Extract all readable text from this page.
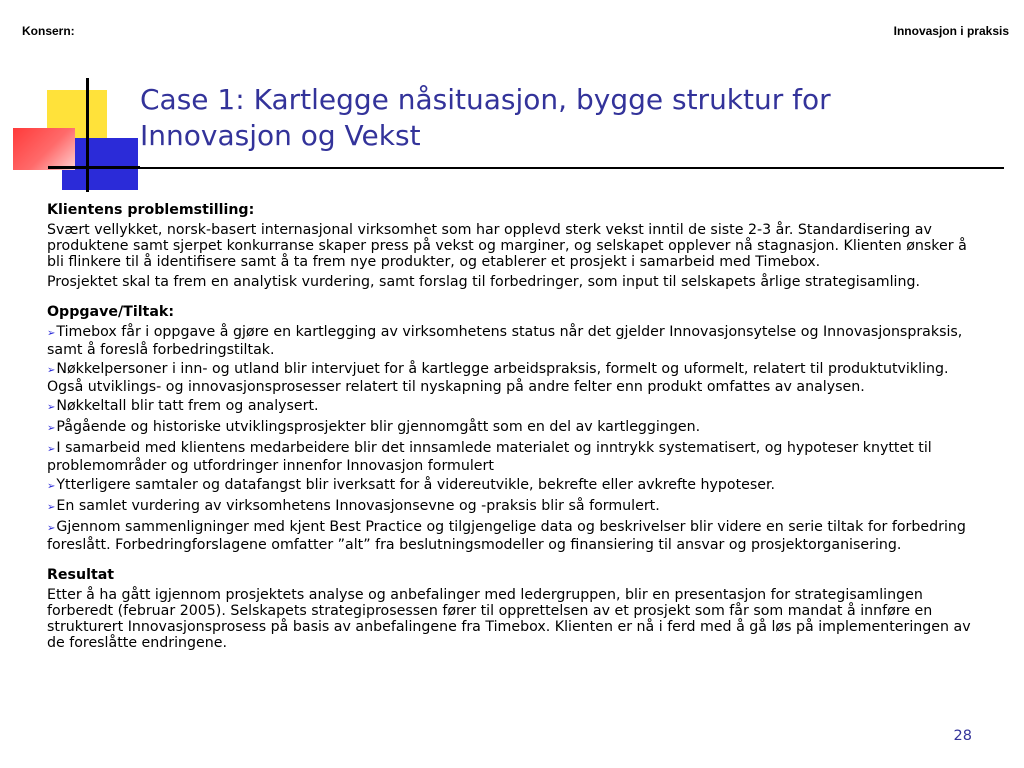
Konsern:	Innovasjon i praksis
Case 1: Kartlegge nåsituasjon, bygge struktur for
Innovasjon og Vekst
Klientens problemstilling:

Svært vellykket, norsk-basert internasjonal virksomhet som har opplevd sterk vekst inntil de siste 2-3 år. Standardisering av produktene samt sjerpet konkurranse skaper press på vekst og marginer, og selskapet opplever nå stagnasjon. Klienten ønsker å bli flinkere til å identifisere samt å ta frem nye produkter, og etablerer et prosjekt i samarbeid med Timebox.

Prosjektet skal ta frem en analytisk vurdering, samt forslag til forbedringer, som input til selskapets årlige strategisamling.

Oppgave/Tiltak:
➢Timebox får i oppgave å gjøre en kartlegging av virksomhetens status når det gjelder Innovasjonsytelse og Innovasjonspraksis, samt å foreslå forbedringstiltak.
➢Nøkkelpersoner i inn- og utland blir intervjuet for å kartlegge arbeidspraksis, formelt og uformelt, relatert til produktutvikling. Også utviklings- og innovasjonsprosesser relatert til nyskapning på andre felter enn produkt omfattes av analysen.
➢Nøkkeltall blir tatt frem og analysert.
➢Pågående og historiske utviklingsprosjekter blir gjennomgått som en del av kartleggingen.
➢I samarbeid med klientens medarbeidere blir det innsamlede materialet og inntrykk systematisert, og hypoteser knyttet til problemområder og utfordringer innenfor Innovasjon formulert
➢Ytterligere samtaler og datafangst blir iverksatt for å videreutvikle, bekrefte eller avkrefte hypoteser.
➢En samlet vurdering av virksomhetens Innovasjonsevne og -praksis blir så formulert.
➢Gjennom sammenligninger med kjent Best Practice og tilgjengelige data og beskrivelser blir videre en serie tiltak for forbedring foreslått. Forbedringforslagene omfatter ”alt” fra beslutningsmodeller og finansiering til ansvar og prosjektorganisering.
Resultat

Etter å ha gått igjennom prosjektets analyse og anbefalinger med ledergruppen, blir en presentasjon for strategisamlingen forberedt (februar 2005). Selskapets strategiprosessen fører til opprettelsen av et prosjekt som får som mandat å innføre en strukturert Innovasjonsprosess på basis av anbefalingene fra Timebox. Klienten er nå i ferd med å gå løs på implementeringen av de foreslåtte endringene.

28
